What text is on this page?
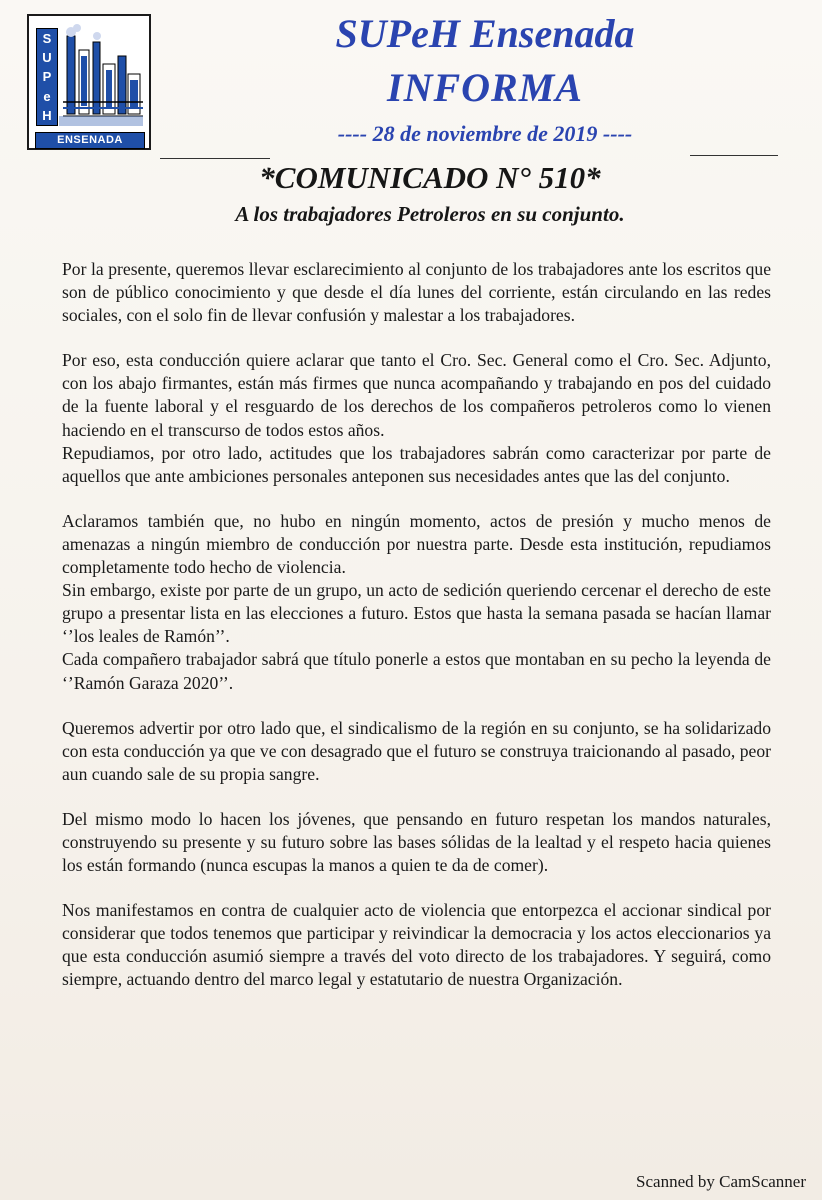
S
U
P
e
H
ENSENADA
SUPeH Ensenada
INFORMA
---- 28 de noviembre de 2019 ----
*COMUNICADO N° 510*
A los trabajadores Petroleros en su conjunto.

Por la presente, queremos llevar esclarecimiento al conjunto de los trabajadores ante los escritos que son de público conocimiento y que desde el día lunes del corriente, están circulando en las redes sociales, con el solo fin de llevar confusión y malestar a los trabajadores.

Por eso, esta conducción quiere aclarar que tanto el Cro. Sec. General como el Cro. Sec. Adjunto, con los abajo firmantes, están más firmes que nunca acompañando y trabajando en pos del cuidado de la fuente laboral y el resguardo de los derechos de los compañeros petroleros como lo vienen haciendo en el transcurso de todos estos años.

Repudiamos, por otro lado, actitudes que los trabajadores sabrán como caracterizar por parte de aquellos que ante ambiciones personales anteponen sus necesidades antes que las del conjunto.

Aclaramos también que, no hubo en ningún momento, actos de presión y mucho menos de amenazas a ningún miembro de conducción por nuestra parte. Desde esta institución, repudiamos completamente todo hecho de violencia.

Sin embargo, existe por parte de un grupo, un acto de sedición queriendo cercenar el derecho de este grupo a presentar lista en las elecciones a futuro. Estos que hasta la semana pasada se hacían llamar ‘’los leales de Ramón’’.

Cada compañero trabajador sabrá que título ponerle a estos que montaban en su pecho la leyenda de ‘’Ramón Garaza 2020’’.

Queremos advertir por otro lado que, el sindicalismo de la región en su conjunto, se ha solidarizado con esta conducción ya que ve con desagrado que el futuro se construya traicionando al pasado, peor aun cuando sale de su propia sangre.

Del mismo modo lo hacen los jóvenes, que pensando en futuro respetan los mandos naturales, construyendo su presente y su futuro sobre las bases sólidas de la lealtad y el respeto hacia quienes los están formando (nunca escupas la manos a quien te da de comer).

Nos manifestamos en contra de cualquier acto de violencia que entorpezca el accionar sindical por considerar que todos tenemos que participar y reivindicar la democracia y los actos eleccionarios ya que esta conducción asumió siempre a través del voto directo de los trabajadores. Y seguirá, como siempre, actuando dentro del marco legal y estatutario de nuestra Organización.

Scanned by CamScanner
